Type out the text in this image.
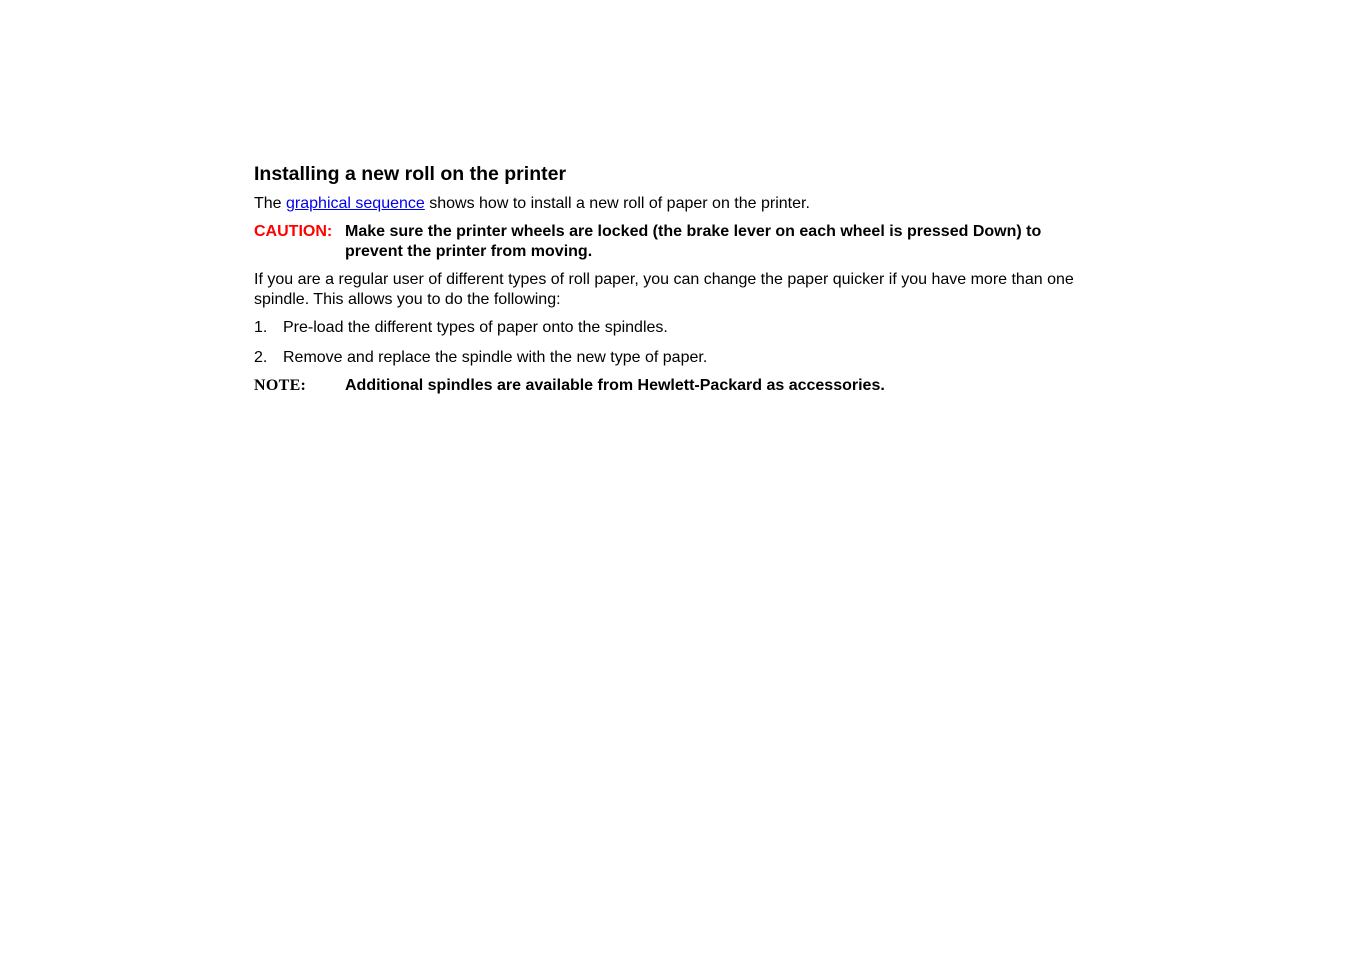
Installing a new roll on the printer

The graphical sequence shows how to install a new roll of paper on the printer.

CAUTION: Make sure the printer wheels are locked (the brake lever on each wheel is pressed Down) to prevent the printer from moving.

If you are a regular user of different types of roll paper, you can change the paper quicker if you have more than one spindle. This allows you to do the following:

1. Pre-load the different types of paper onto the spindles.
2. Remove and replace the spindle with the new type of paper.
NOTE:	Additional spindles are available from Hewlett-Packard as accessories.
